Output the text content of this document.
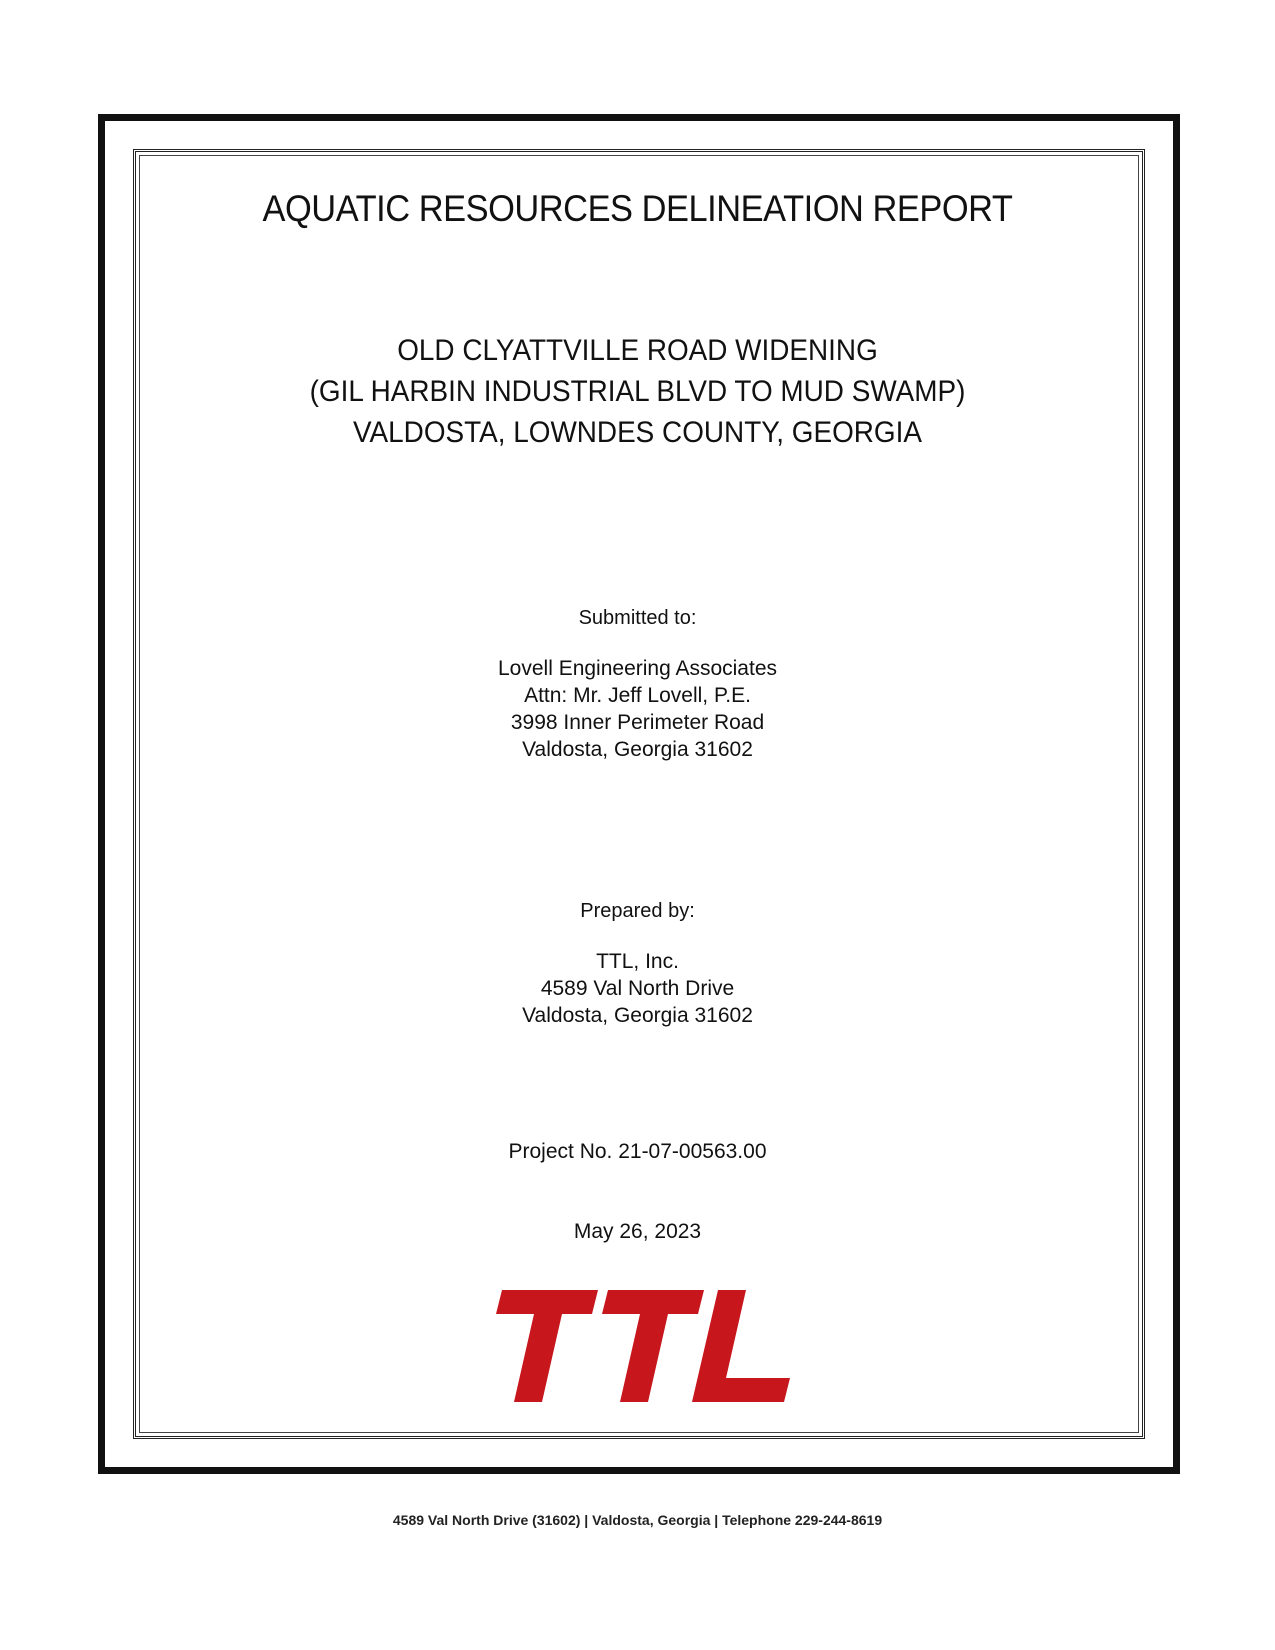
AQUATIC RESOURCES DELINEATION REPORT
OLD CLYATTVILLE ROAD WIDENING
(GIL HARBIN INDUSTRIAL BLVD TO MUD SWAMP)
VALDOSTA, LOWNDES COUNTY, GEORGIA
Submitted to:
Lovell Engineering Associates
Attn: Mr. Jeff Lovell, P.E.
3998 Inner Perimeter Road
Valdosta, Georgia 31602
Prepared by:
TTL, Inc.
4589 Val North Drive
Valdosta, Georgia 31602
Project No. 21-07-00563.00
May 26, 2023
4589 Val North Drive (31602) | Valdosta, Georgia | Telephone 229-244-8619
